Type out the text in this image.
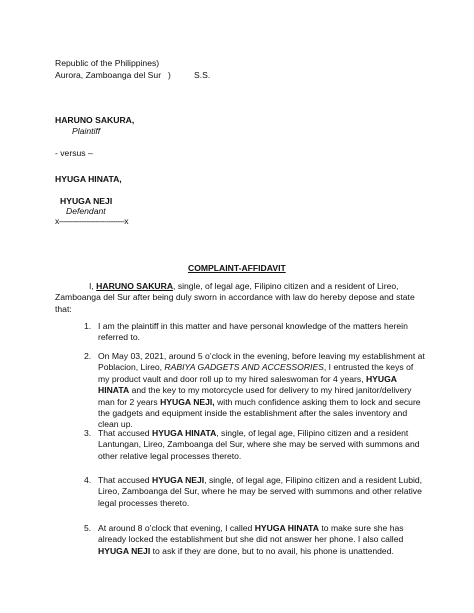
Republic of the Philippines)
Aurora, Zamboanga del Sur )	S.S.
HARUNO SAKURA,
Plaintiff
- versus –
HYUGA HINATA,
HYUGA NEJI
Defendant
x-----------------------------x
COMPLAINT-AFFIDAVIT
I, HARUNO SAKURA, single, of legal age, Filipino citizen and a resident of Lireo, Zamboanga del Sur after being duly sworn in accordance with law do hereby depose and state that:
1. I am the plaintiff in this matter and have personal knowledge of the matters herein referred to.
2. On May 03, 2021, around 5 o’clock in the evening, before leaving my establishment at Poblacion, Lireo, RABIYA GADGETS AND ACCESSORIES, I entrusted the keys of my product vault and door roll up to my hired saleswoman for 4 years, HYUGA HINATA and the key to my motorcycle used for delivery to my hired janitor/delivery man for 2 years HYUGA NEJI, with much confidence asking them to lock and secure the gadgets and equipment inside the establishment after the sales inventory and clean up.
3. That accused HYUGA HINATA, single, of legal age, Filipino citizen and a resident Lantungan, Lireo, Zamboanga del Sur, where she may be served with summons and other relative legal processes thereto.
4. That accused HYUGA NEJI, single, of legal age, Filipino citizen and a resident Lubid, Lireo, Zamboanga del Sur, where he may be served with summons and other relative legal processes thereto.
5. At around 8 o’clock that evening, I called HYUGA HINATA to make sure she has already locked the establishment but she did not answer her phone. I also called HYUGA NEJI to ask if they are done, but to no avail, his phone is unattended.
